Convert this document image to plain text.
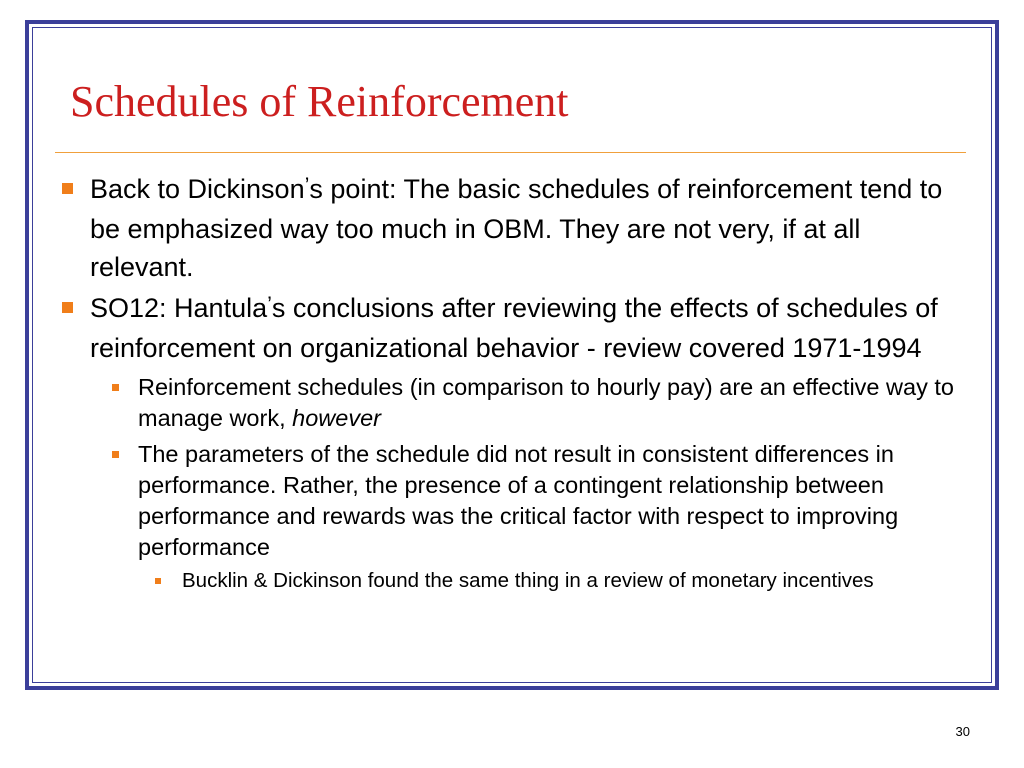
Schedules of Reinforcement
Back to Dickinson’s point: The basic schedules of reinforcement tend to be emphasized way too much in OBM. They are not very, if at all relevant.
SO12: Hantula’s conclusions after reviewing the effects of schedules of reinforcement on organizational behavior - review covered 1971-1994
Reinforcement schedules (in comparison to hourly pay) are an effective way to manage work, however
The parameters of the schedule did not result in consistent differences in performance. Rather, the presence of a contingent relationship between performance and rewards was the critical factor with respect to improving performance
Bucklin & Dickinson found the same thing in a review of monetary incentives
30
